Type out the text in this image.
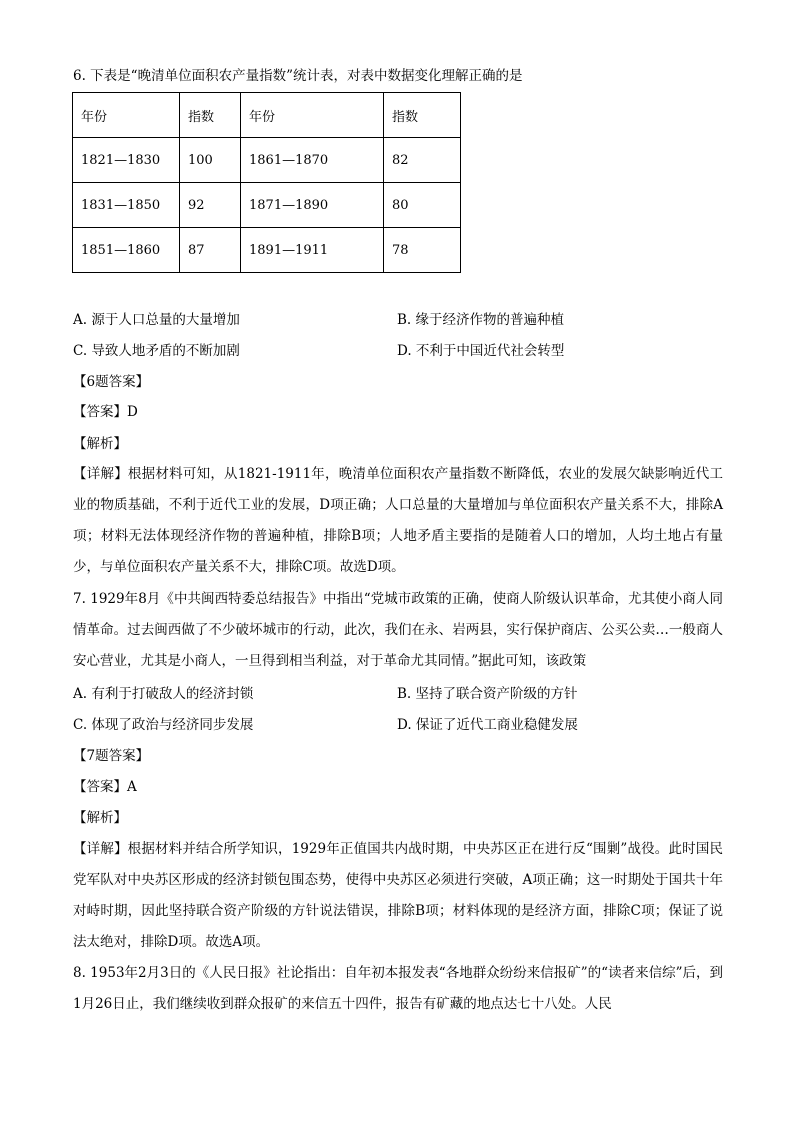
6. 下表是“晚清单位面积农产量指数”统计表，对表中数据变化理解正确的是
年份	指数	年份	指数
1821—1830	100	1861—1870	82
1831—1850	92	1871—1890	80
1851—1860	87	1891—1911	78
A. 源于人口总量的大量增加	B. 缘于经济作物的普遍种植
C. 导致人地矛盾的不断加剧	D. 不利于中国近代社会转型
【6题答案】
【答案】D
【解析】
【详解】根据材料可知，从1821-1911年，晚清单位面积农产量指数不断降低，农业的发展欠缺影响近代工业的物质基础，不利于近代工业的发展，D项正确；人口总量的大量增加与单位面积农产量关系不大，排除A项；材料无法体现经济作物的普遍种植，排除B项；人地矛盾主要指的是随着人口的增加，人均土地占有量少，与单位面积农产量关系不大，排除C项。故选D项。
7. 1929年8月《中共闽西特委总结报告》中指出“党城市政策的正确，使商人阶级认识革命，尤其使小商人同情革命。过去闽西做了不少破坏城市的行动，此次，我们在永、岩两县，实行保护商店、公买公卖…一般商人安心营业，尤其是小商人，一旦得到相当利益，对于革命尤其同情。”据此可知，该政策
A. 有利于打破敌人的经济封锁	B. 坚持了联合资产阶级的方针
C. 体现了政治与经济同步发展	D. 保证了近代工商业稳健发展
【7题答案】
【答案】A
【解析】
【详解】根据材料并结合所学知识，1929年正值国共内战时期，中央苏区正在进行反“围剿”战役。此时国民党军队对中央苏区形成的经济封锁包围态势，使得中央苏区必须进行突破，A项正确；这一时期处于国共十年对峙时期，因此坚持联合资产阶级的方针说法错误，排除B项；材料体现的是经济方面，排除C项；保证了说法太绝对，排除D项。故选A项。
8. 1953年2月3日的《人民日报》社论指出：自年初本报发表“各地群众纷纷来信报矿”的“读者来信综”后，到1月26日止，我们继续收到群众报矿的来信五十四件，报告有矿藏的地点达七十八处。人民
